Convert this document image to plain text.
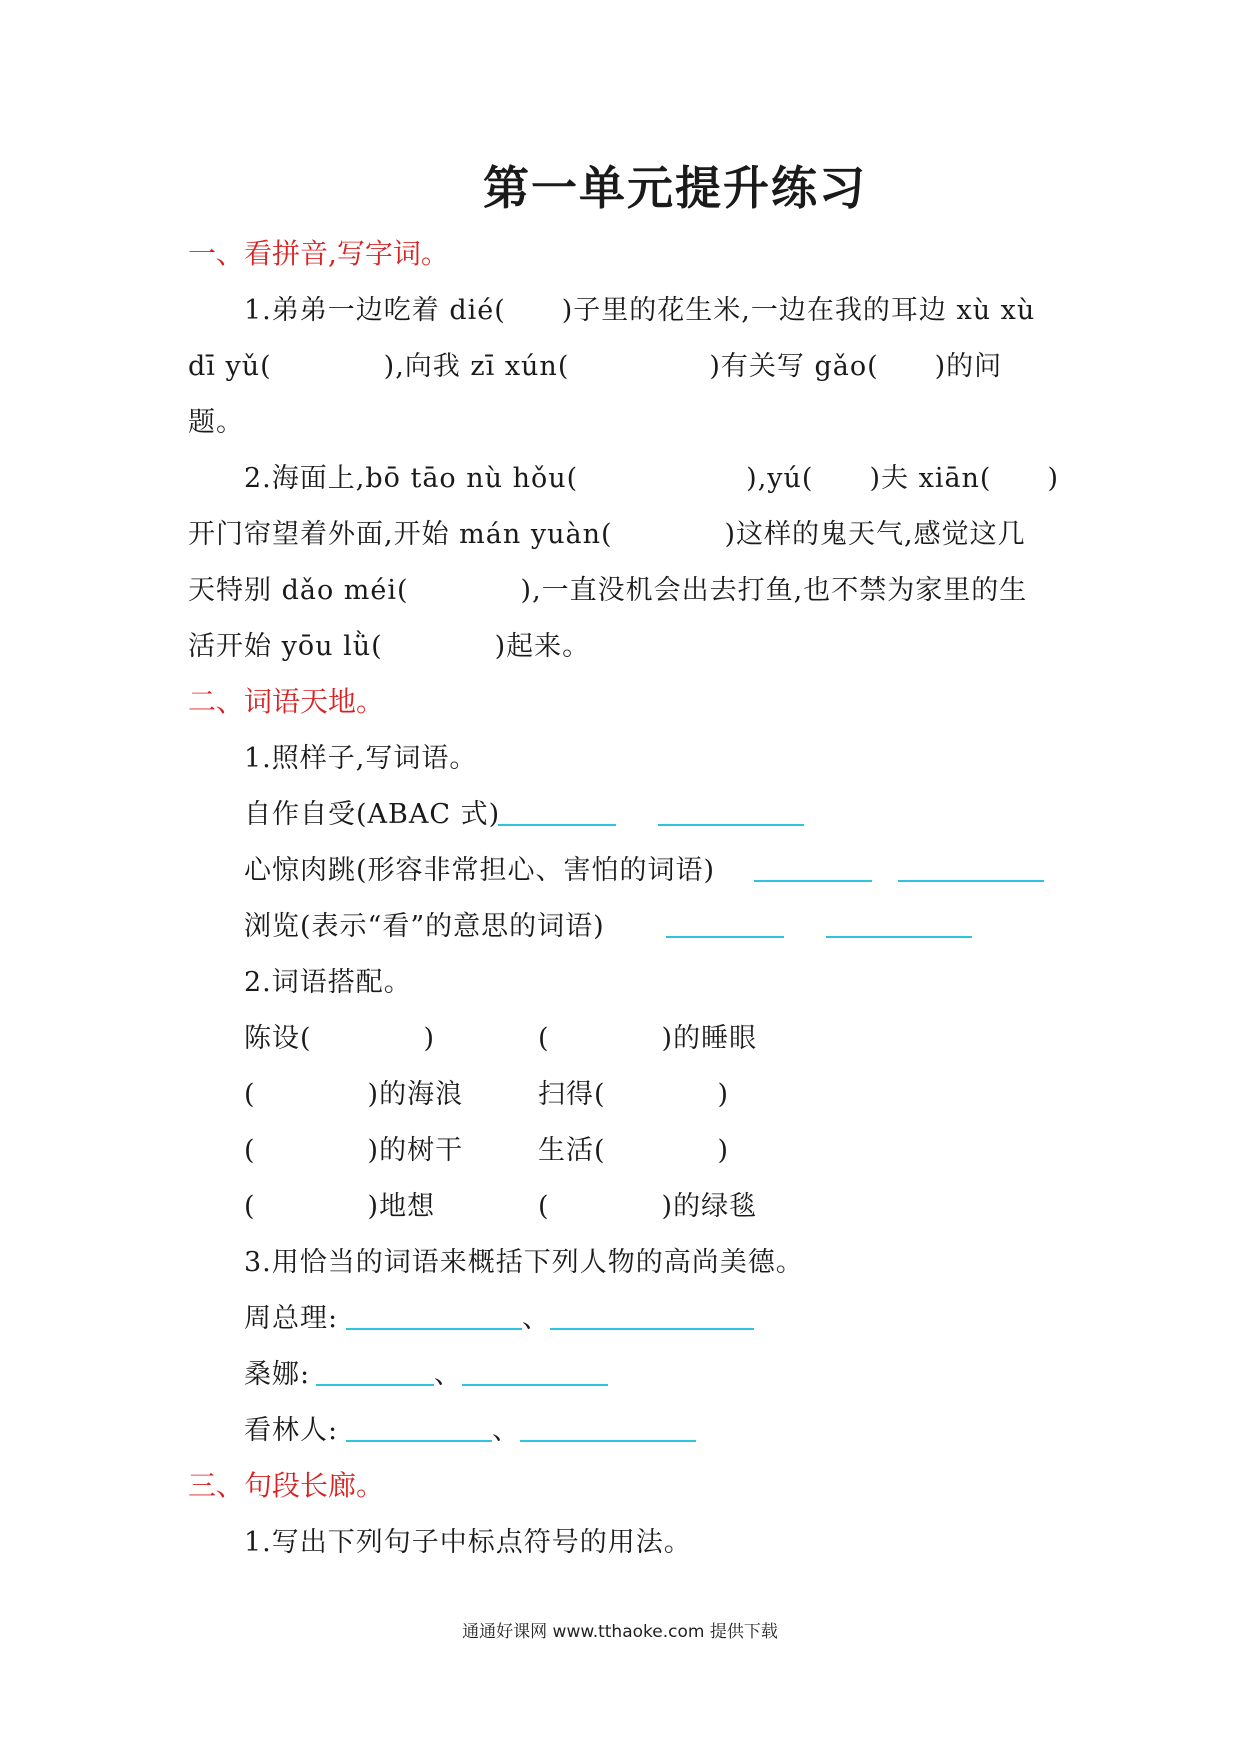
第一单元提升练习
一、看拼音,写字词。
1.弟弟一边吃着 dié(　　)子里的花生米,一边在我的耳边 xù xù
dī yǔ(　　　　),向我 zī xún(　　　　　)有关写 gǎo(　　)的问
题。
2.海面上,bō tāo nù hǒu(　　　　　　),yú(　　)夫 xiān(　　)
开门帘望着外面,开始 mán yuàn(　　　　)这样的鬼天气,感觉这几
天特别 dǎo méi(　　　　),一直没机会出去打鱼,也不禁为家里的生
活开始 yōu lǜ(　　　　)起来。
二、词语天地。
1.照样子,写词语。
自作自受(ABAC 式)
心惊肉跳(形容非常担心、害怕的词语)
浏览(表示“看”的意思的词语)
2.词语搭配。
陈设(　　　　)	(　　　　)的睡眼
(　　　　)的海浪	扫得(　　　　)
(　　　　)的树干	生活(　　　　)
(　　　　)地想	(　　　　)的绿毯
3.用恰当的词语来概括下列人物的高尚美德。
周总理:	、
桑娜:	、
看林人:	、
三、句段长廊。
1.写出下列句子中标点符号的用法。
通通好课网 www.tthaoke.com 提供下载
